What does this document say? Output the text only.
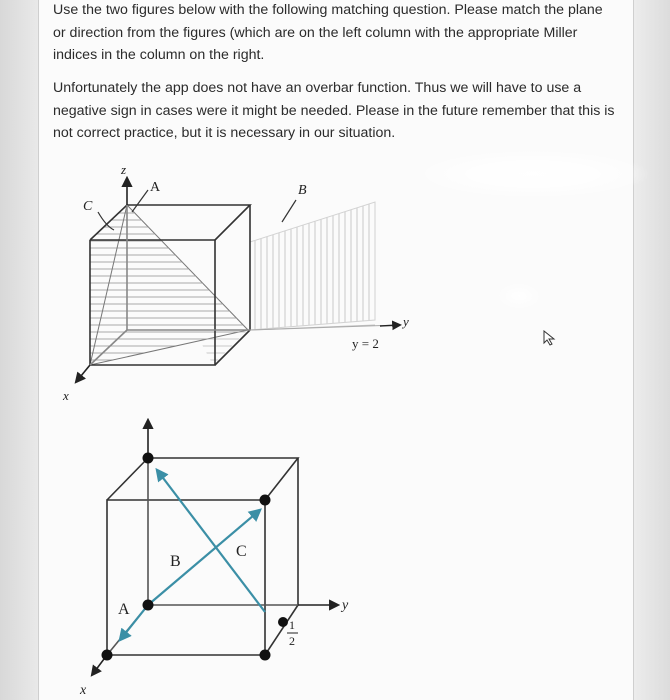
Use the two figures below with the following matching question. Please match the plane or direction from the figures (which are on the left column with the appropriate Miller indices in the column on the right.

Unfortunately the app does not have an overbar function. Thus we will have to use a negative sign in cases were it might be needed. Please in the future remember that this is not correct practice, but it is necessary in our situation.

z
x
y
y = 2
A
C
B
y
x
B
C
A
1
2
